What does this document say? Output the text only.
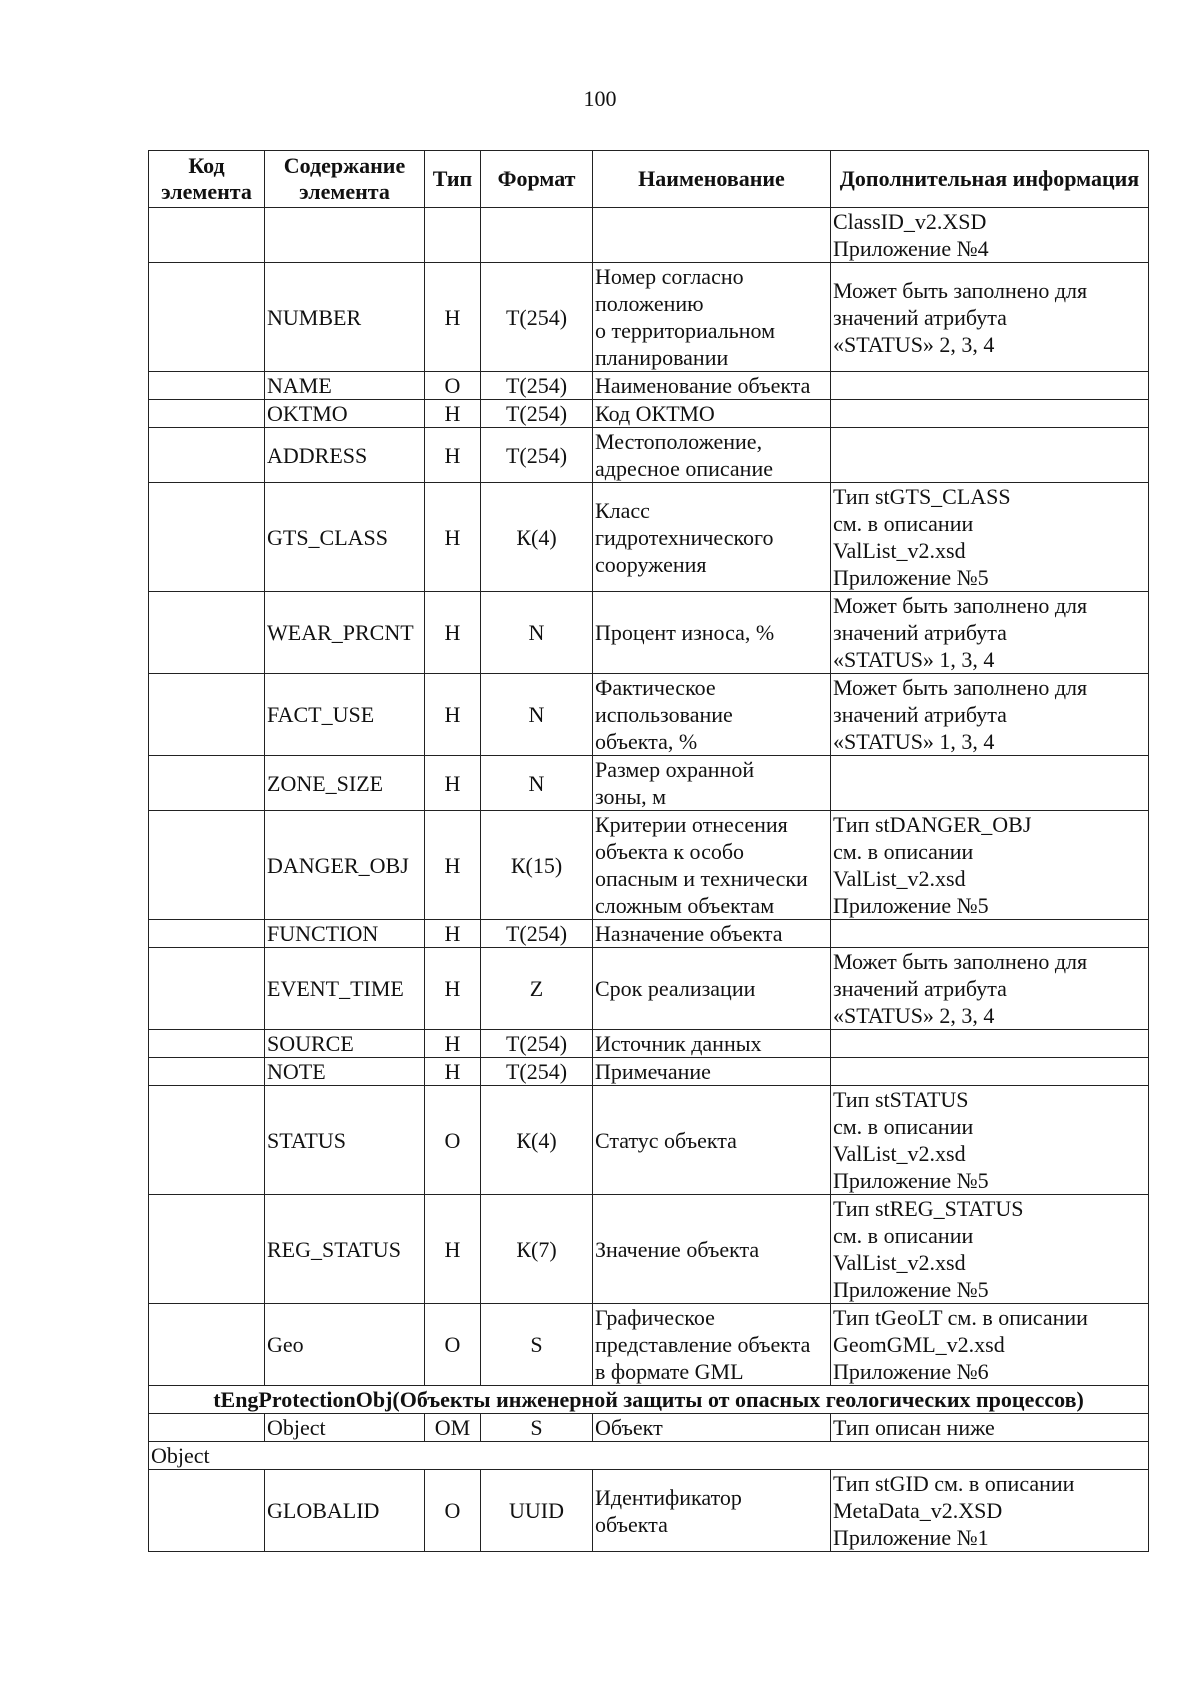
100
Код элемента	Содержание элемента	Тип	Формат	Наименование	Дополнительная информация
					ClassID_v2.XSD
Приложение №4
	NUMBER	Н	Т(254)	Номер согласно
положению
о территориальном
планировании	Может быть заполнено для
значений атрибута
«STATUS» 2, 3, 4
	NAME	О	Т(254)	Наименование объекта	
	OKTMO	Н	Т(254)	Код ОКТМО	
	ADDRESS	Н	Т(254)	Местоположение,
адресное описание	
	GTS_CLASS	Н	К(4)	Класс
гидротехнического
сооружения	Тип stGTS_CLASS
см. в описании
ValList_v2.xsd
Приложение №5
	WEAR_PRCNT	Н	N	Процент износа, %	Может быть заполнено для
значений атрибута
«STATUS» 1, 3, 4
	FACT_USE	Н	N	Фактическое
использование
объекта, %	Может быть заполнено для
значений атрибута
«STATUS» 1, 3, 4
	ZONE_SIZE	Н	N	Размер охранной
зоны, м	
	DANGER_OBJ	Н	К(15)	Критерии отнесения
объекта к особо
опасным и технически
сложным объектам	Тип stDANGER_OBJ
см. в описании
ValList_v2.xsd
Приложение №5
	FUNCTION	Н	Т(254)	Назначение объекта	
	EVENT_TIME	Н	Z	Срок реализации	Может быть заполнено для
значений атрибута
«STATUS» 2, 3, 4
	SOURCE	Н	Т(254)	Источник данных	
	NOTE	Н	Т(254)	Примечание	
	STATUS	О	К(4)	Статус объекта	Тип stSTATUS
см. в описании
ValList_v2.xsd
Приложение №5
	REG_STATUS	Н	К(7)	Значение объекта	Тип stREG_STATUS
см. в описании
ValList_v2.xsd
Приложение №5
	Geo	О	S	Графическое
представление объекта
в формате GML	Тип tGeoLT см. в описании
GeomGML_v2.xsd
Приложение №6
tEngProtectionObj(Объекты инженерной защиты от опасных геологических процессов)					
	Object	ОМ	S	Объект	Тип описан ниже
Object					
	GLOBALID	О	UUID	Идентификатор
объекта	Тип stGID см. в описании
MetaData_v2.XSD
Приложение №1
